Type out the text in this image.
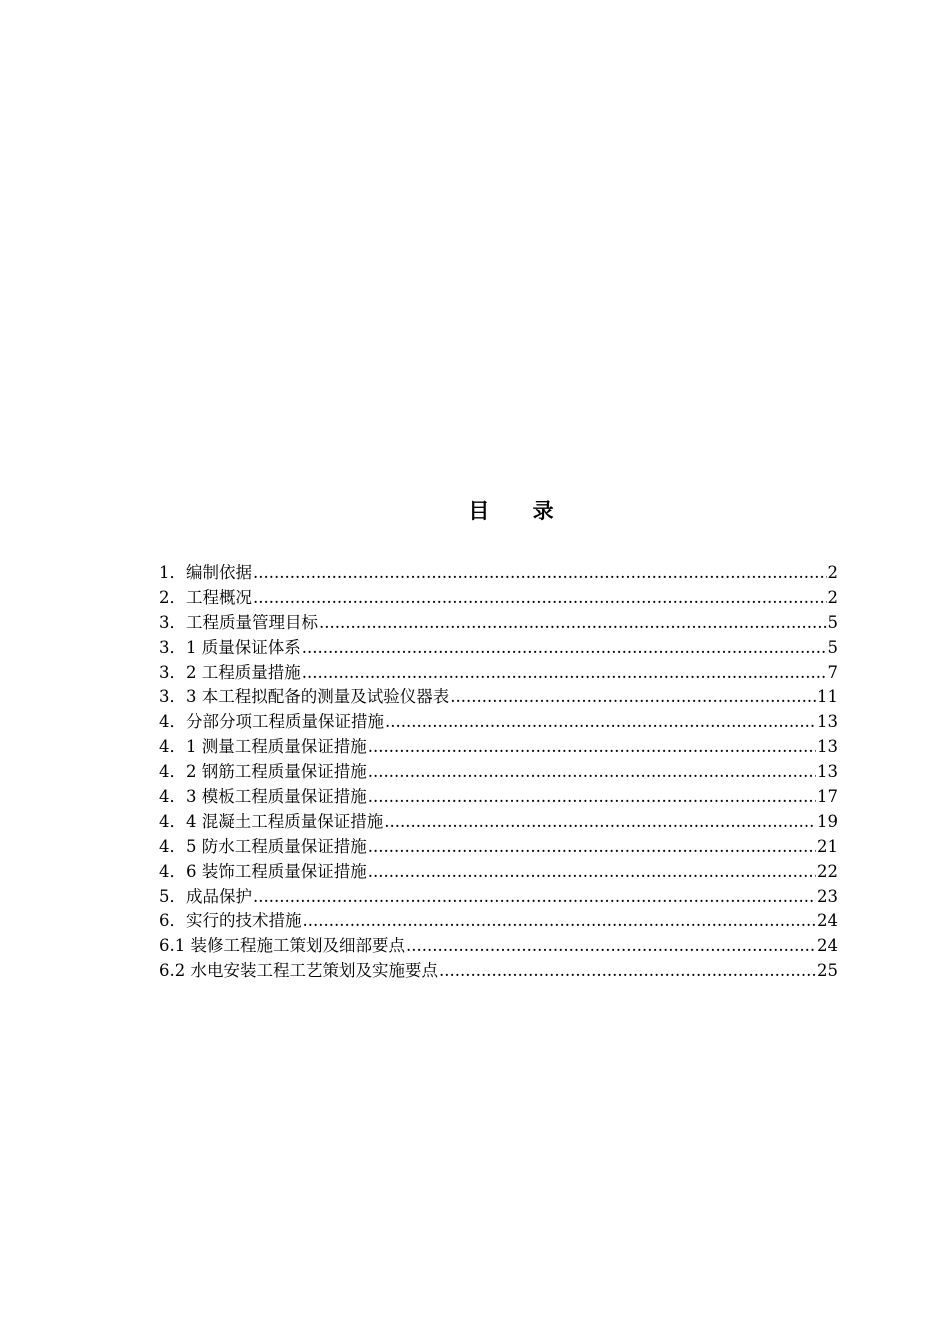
目 录
1．编制依据 .....	2
2．工程概况 .....	2
3．工程质量管理目标 .....	5
3．1 质量保证体系 .....	5
3．2 工程质量措施 .....	7
3．3 本工程拟配备的测量及试验仪器表 .....	11
4．分部分项工程质量保证措施 .....	13
4．1 测量工程质量保证措施 .....	13
4．2 钢筋工程质量保证措施 .....	13
4．3 模板工程质量保证措施 .....	17
4．4 混凝土工程质量保证措施 .....	19
4．5 防水工程质量保证措施 .....	21
4．6 装饰工程质量保证措施 .....	22
5．成品保护 .....	23
6．实行的技术措施 .....	24
6.1 装修工程施工策划及细部要点 .....	24
6.2 水电安装工程工艺策划及实施要点 .....	25
